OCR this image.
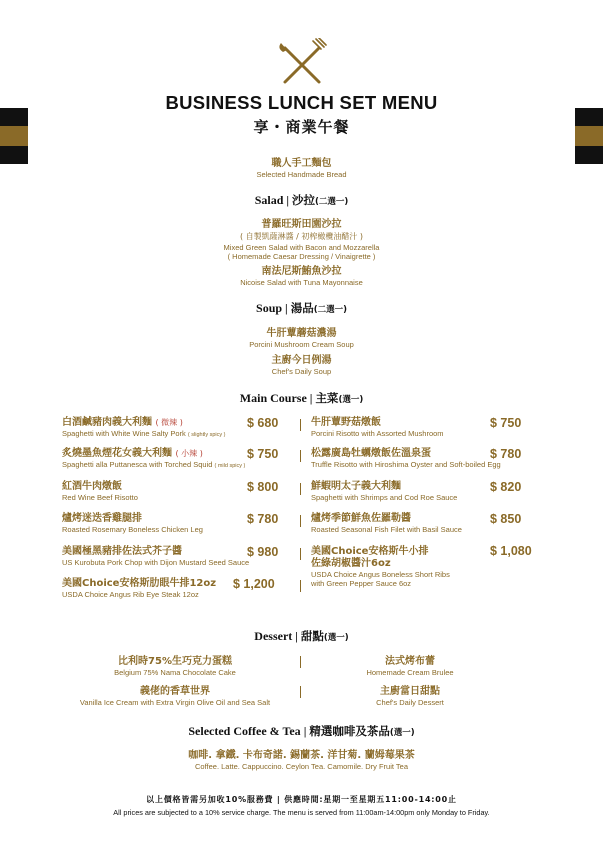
BUSINESS LUNCH SET MENU
享・商業午餐
職人手工麵包
Selected Handmade Bread
Salad | 沙拉(二選一)
普羅旺斯田園沙拉
( 自製凱薩淋醬 / 初榨橄欖油醋汁 )
Mixed Green Salad with Bacon and Mozzarella
( Homemade Caesar Dressing / Vinaigrette )
南法尼斯鮪魚沙拉
Nicoise Salad with Tuna Mayonnaise
Soup | 湯品(二選一)
牛肝蕈蘑菇濃湯
Porcini Mushroom Cream Soup
主廚今日例湯
Chef's Daily Soup
Main Course | 主菜(選一)
白酒鹹豬肉義大利麵 ( 微辣 )
Spaghetti with White Wine Salty Pork ( slightly spicy )
$ 680
炙燒墨魚煙花女義大利麵 ( 小辣 )
Spaghetti alla Puttanesca with Torched Squid ( mild spicy )
$ 750
紅酒牛肉燉飯
Red Wine Beef Risotto
$ 800
爐烤迷迭香雞腿排
Roasted Rosemary Boneless Chicken Leg
$ 780
美國極黑豬排佐法式芥子醬
US Kurobuta Pork Chop with Dijon Mustard Seed Sauce
$ 980
美國Choice安格斯肋眼牛排12oz
USDA Choice Angus Rib Eye Steak 12oz
$ 1,200
牛肝蕈野菇燉飯
Porcini Risotto with Assorted Mushroom
$ 750
松露廣島牡蠣燉飯佐溫泉蛋
Truffle Risotto with Hiroshima Oyster and Soft-boiled Egg
$ 780
鮮蝦明太子義大利麵
Spaghetti with Shrimps and Cod Roe Sauce
$ 820
爐烤季節鮮魚佐羅勒醬
Roasted Seasonal Fish Filet with Basil Sauce
$ 850
美國Choice安格斯牛小排
佐綠胡椒醬汁6oz
USDA Choice Angus Boneless Short Ribs
with Green Pepper Sauce 6oz
$ 1,080
Dessert | 甜點(選一)
比利時75%生巧克力蛋糕
Belgium 75% Nama Chocolate Cake
義佬的香草世界
Vanilla Ice Cream with Extra Virgin Olive Oil and Sea Salt
法式烤布蕾
Homemade Cream Brulee
主廚當日甜點
Chef's Daily Dessert
Selected Coffee & Tea | 精選咖啡及茶品(選一)
咖啡. 拿鐵. 卡布奇諾. 錫蘭茶. 洋甘菊. 蘭姆莓果茶
Coffee. Latte. Cappuccino. Ceylon Tea. Camomile. Dry Fruit Tea
以上價格皆需另加收10%服務費 | 供應時間:星期一至星期五11:00-14:00止
All prices are subjected to a 10% service charge. The menu is served from 11:00am-14:00pm only Monday to Friday.
